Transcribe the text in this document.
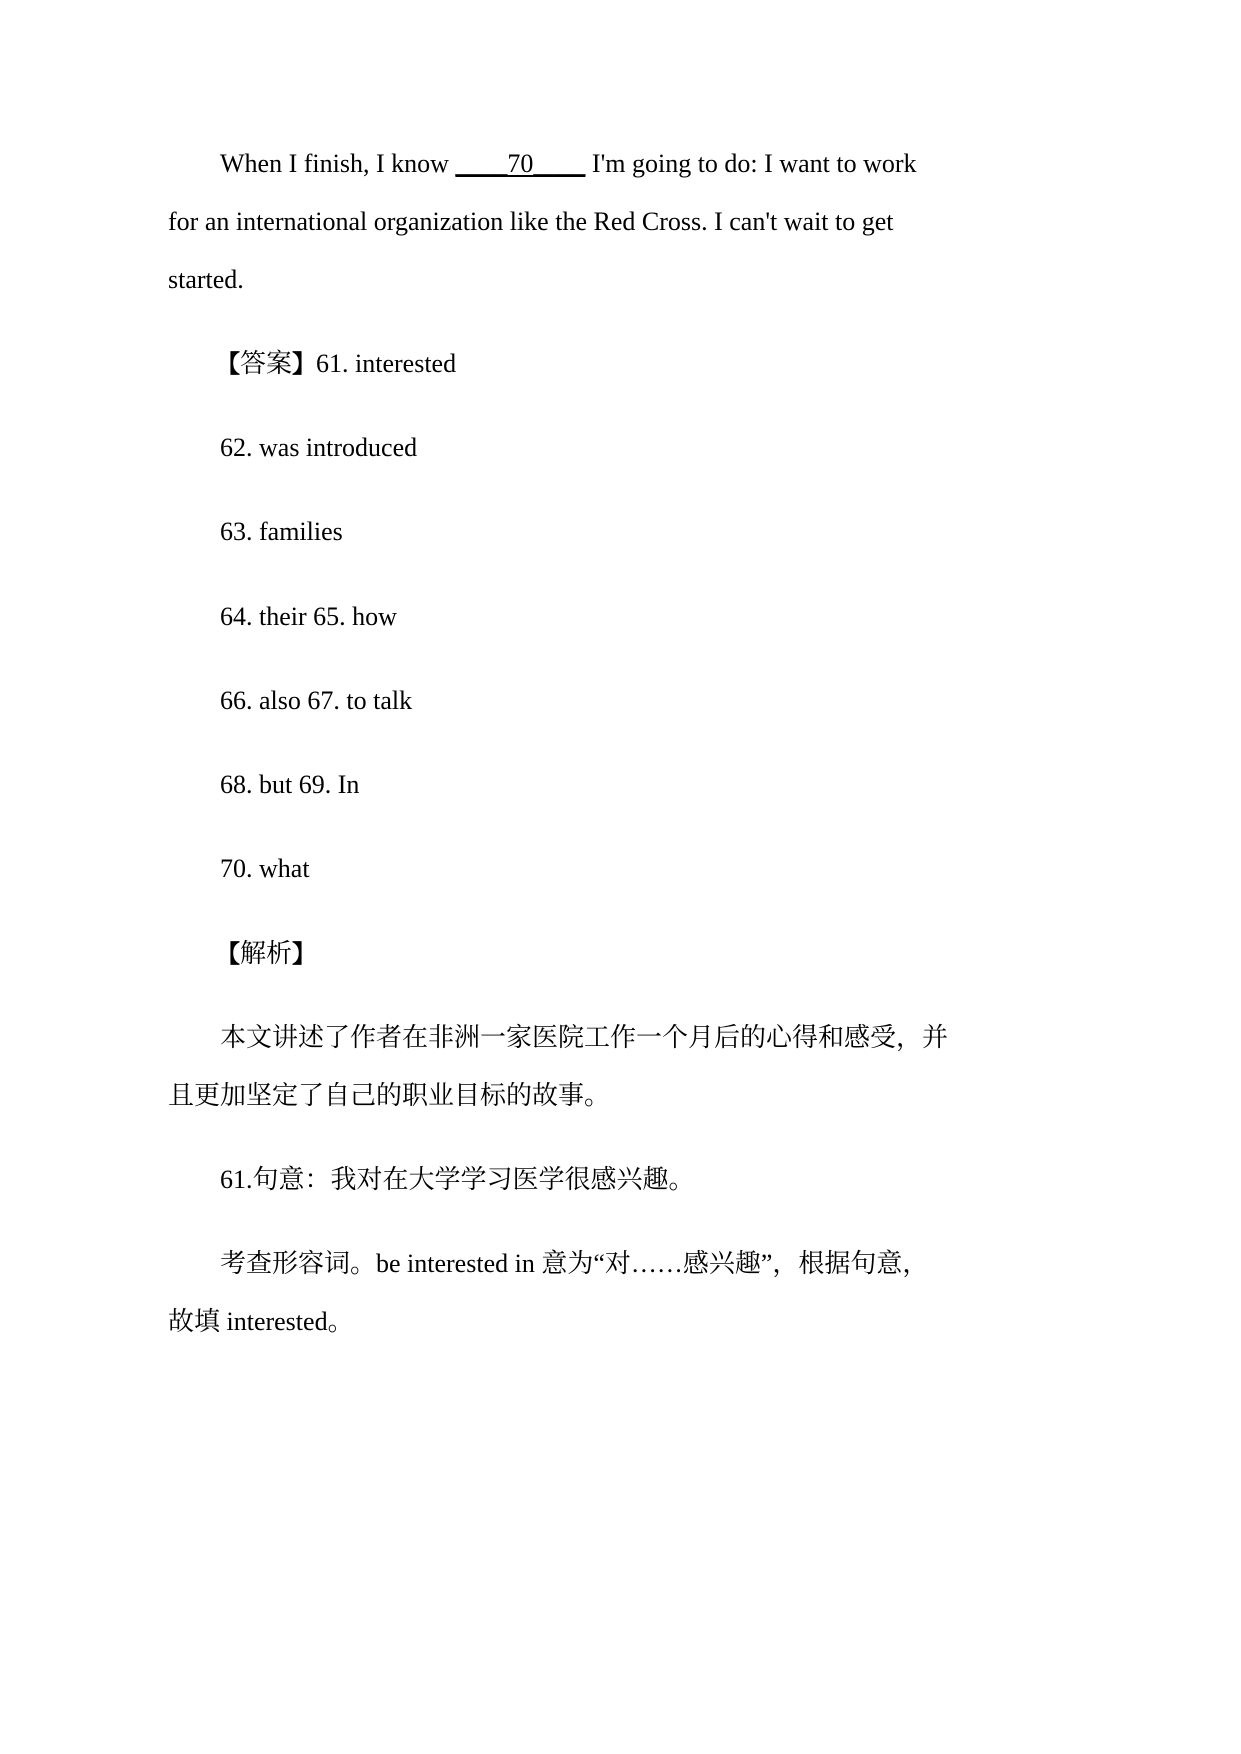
When I finish, I know ____70____ I'm going to do: I want to work
for an international organization like the Red Cross. I can't wait to get
started.
【答案】61. interested
62. was introduced
63. families
64. their 65. how
66. also 67. to talk
68. but 69. In
70. what
【解析】
本文讲述了作者在非洲一家医院工作一个月后的心得和感受，并
且更加坚定了自己的职业目标的故事。
61.句意：我对在大学学习医学很感兴趣。
考查形容词。be interested in 意为“对……感兴趣”，根据句意，
故填 interested。
